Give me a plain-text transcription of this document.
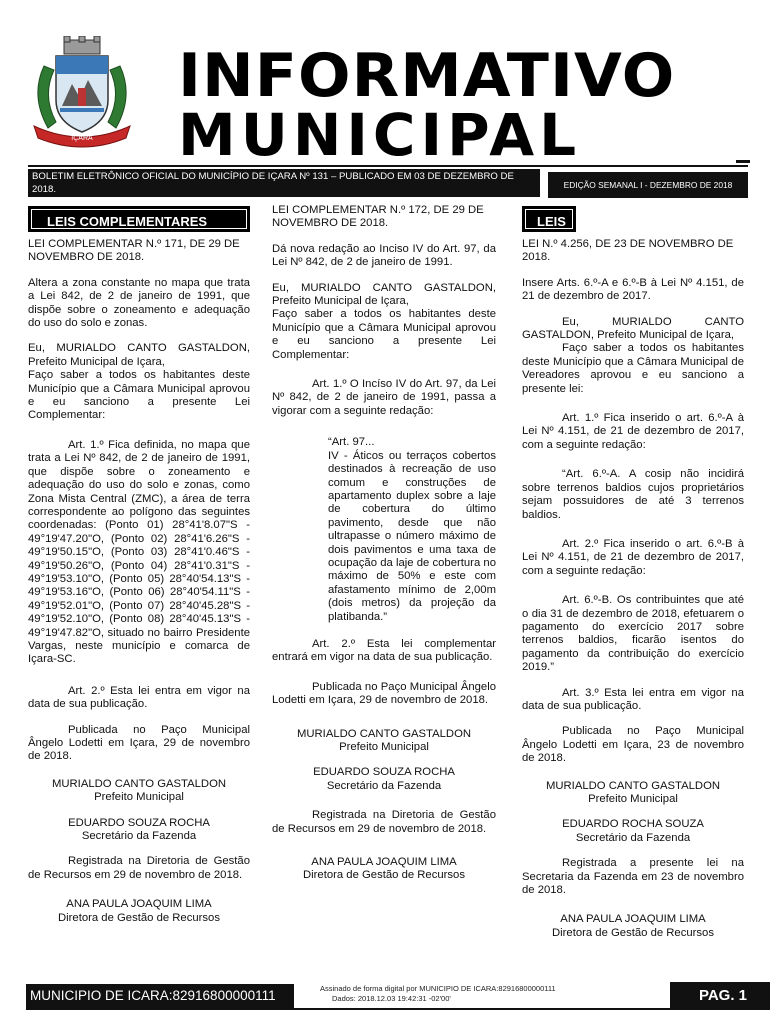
IÇARA
INFORMATIVO
MUNICIPAL
BOLETIM ELETRÔNICO OFICIAL DO MUNICÍPIO DE IÇARA Nº 131 – PUBLICADO EM 03 DE DEZEMBRO DE 2018.	EDIÇÃO SEMANAL I - DEZEMBRO DE 2018
LEIS COMPLEMENTARES

LEI COMPLEMENTAR N.º 171, DE 29 DE NOVEMBRO DE 2018.

Altera a zona constante no mapa que trata a Lei 842, de 2 de janeiro de 1991, que dispõe sobre o zoneamento e adequação do uso do solo e zonas.

Eu, MURIALDO CANTO GASTALDON, Prefeito Municipal de Içara,

Faço saber a todos os habitantes deste Município que a Câmara Municipal aprovou e eu sanciono a presente Lei Complementar:

Art. 1.º Fica definida, no mapa que trata a Lei Nº 842, de 2 de janeiro de 1991, que dispõe sobre o zoneamento e adequação do uso do solo e zonas, como Zona Mista Central (ZMC), a área de terra correspondente ao polígono das seguintes coordenadas: (Ponto 01) 28°41'8.07"S - 49°19'47.20"O, (Ponto 02) 28°41'6.26"S - 49°19'50.15"O, (Ponto 03) 28°41'0.46"S - 49°19'50.26"O, (Ponto 04) 28°41'0.31"S - 49°19'53.10"O, (Ponto 05) 28°40'54.13"S - 49°19'53.16"O, (Ponto 06) 28°40'54.11"S - 49°19'52.01"O, (Ponto 07) 28°40'45.28"S - 49°19'52.10"O, (Ponto 08) 28°40'45.13"S - 49°19'47.82"O, situado no bairro Presidente Vargas, neste município e comarca de Içara-SC.

Art. 2.º Esta lei entra em vigor na data de sua publicação.

Publicada no Paço Municipal Ângelo Lodetti em Içara, 29 de novembro de 2018.

MURIALDO CANTO GASTALDON
Prefeito Municipal
EDUARDO SOUZA ROCHA
Secretário da Fazenda

Registrada na Diretoria de Gestão de Recursos em 29 de novembro de 2018.

ANA PAULA JOAQUIM LIMA
Diretora de Gestão de Recursos

LEI COMPLEMENTAR N.º 172, DE 29 DE NOVEMBRO DE 2018.

Dá nova redação ao Inciso IV do Art. 97, da Lei Nº 842, de 2 de janeiro de 1991.

Eu, MURIALDO CANTO GASTALDON, Prefeito Municipal de Içara,

Faço saber a todos os habitantes deste Município que a Câmara Municipal aprovou e eu sanciono a presente Lei Complementar:

Art. 1.º O Incíso IV do Art. 97, da Lei Nº 842, de 2 de janeiro de 1991, passa a vigorar com a seguinte redação:

“Art. 97...
IV - Áticos ou terraços cobertos destinados à recreação de uso comum e construções de apartamento duplex sobre a laje de cobertura do último pavimento, desde que não ultrapasse o número máximo de dois pavimentos e uma taxa de ocupação da laje de cobertura no máximo de 50% e este com afastamento mínimo de 2,00m (dois metros) da projeção da platibanda.”

Art. 2.º Esta lei complementar entrará em vigor na data de sua publicação.

Publicada no Paço Municipal Ângelo Lodetti em Içara, 29 de novembro de 2018.

MURIALDO CANTO GASTALDON
Prefeito Municipal
EDUARDO SOUZA ROCHA
Secretário da Fazenda

Registrada na Diretoria de Gestão de Recursos em 29 de novembro de 2018.

ANA PAULA JOAQUIM LIMA
Diretora de Gestão de Recursos
LEIS

LEI N.º 4.256, DE 23 DE NOVEMBRO DE 2018.

Insere Arts. 6.º-A e 6.º-B à Lei Nº 4.151, de 21 de dezembro de 2017.

Eu, MURIALDO CANTO GASTALDON, Prefeito Municipal de Içara,

Faço saber a todos os habitantes deste Município que a Câmara Municipal de Vereadores aprovou e eu sanciono a presente lei:

Art. 1.º Fica inserido o art. 6.º-A à Lei Nº 4.151, de 21 de dezembro de 2017, com a seguinte redação:

“Art. 6.º-A. A cosip não incidirá sobre terrenos baldios cujos proprietários sejam possuidores de até 3 terrenos baldios.

Art. 2.º Fica inserido o art. 6.º-B à Lei Nº 4.151, de 21 de dezembro de 2017, com a seguinte redação:

Art. 6.º-B. Os contribuintes que até o dia 31 de dezembro de 2018, efetuarem o pagamento do exercício 2017 sobre terrenos baldios, ficarão isentos do pagamento da contribuição do exercício 2019.”

Art. 3.º Esta lei entra em vigor na data de sua publicação.

Publicada no Paço Municipal Ângelo Lodetti em Içara, 23 de novembro de 2018.

MURIALDO CANTO GASTALDON
Prefeito Municipal
EDUARDO ROCHA SOUZA
Secretário da Fazenda

Registrada a presente lei na Secretaria da Fazenda em 23 de novembro de 2018.

ANA PAULA JOAQUIM LIMA
Diretora de Gestão de Recursos
MUNICIPIO DE ICARA:82916800000111	Assinado de forma digital por MUNICIPIO DE ICARA:82916800000111
Dados: 2018.12.03 19:42:31 -02'00'	PAG. 1
